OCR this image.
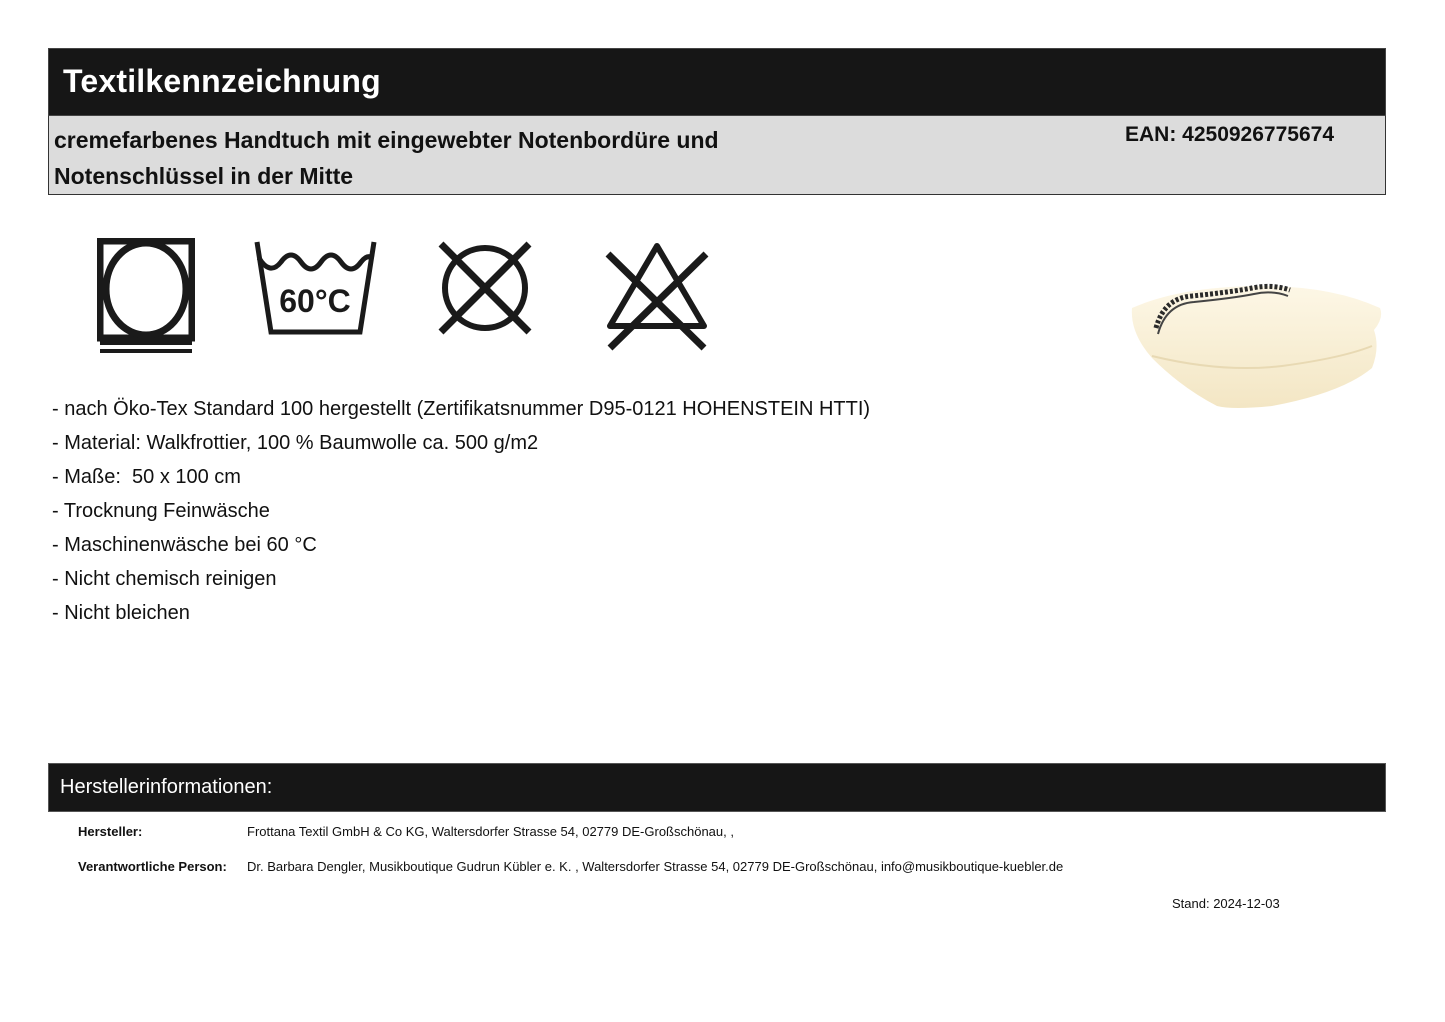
Textilkennzeichnung
cremefarbenes Handtuch mit eingewebter Notenbordüre und Notenschlüssel in der Mitte
EAN: 4250926775674
60°C
- nach Öko-Tex Standard 100 hergestellt (Zertifikatsnummer D95-0121 HOHENSTEIN HTTI)
- Material: Walkfrottier, 100 % Baumwolle ca. 500 g/m2
- Maße:  50 x 100 cm
- Trocknung Feinwäsche
- Maschinenwäsche bei 60 °C
- Nicht chemisch reinigen
- Nicht bleichen
Herstellerinformationen:
Hersteller:	Frottana Textil GmbH & Co KG, Waltersdorfer Strasse 54, 02779 DE-Großschönau, ,
Verantwortliche Person: Dr. Barbara Dengler, Musikboutique Gudrun Kübler e. K. , Waltersdorfer Strasse 54, 02779 DE-Großschönau, info@musikboutique-kuebler.de
Stand: 2024-12-03
